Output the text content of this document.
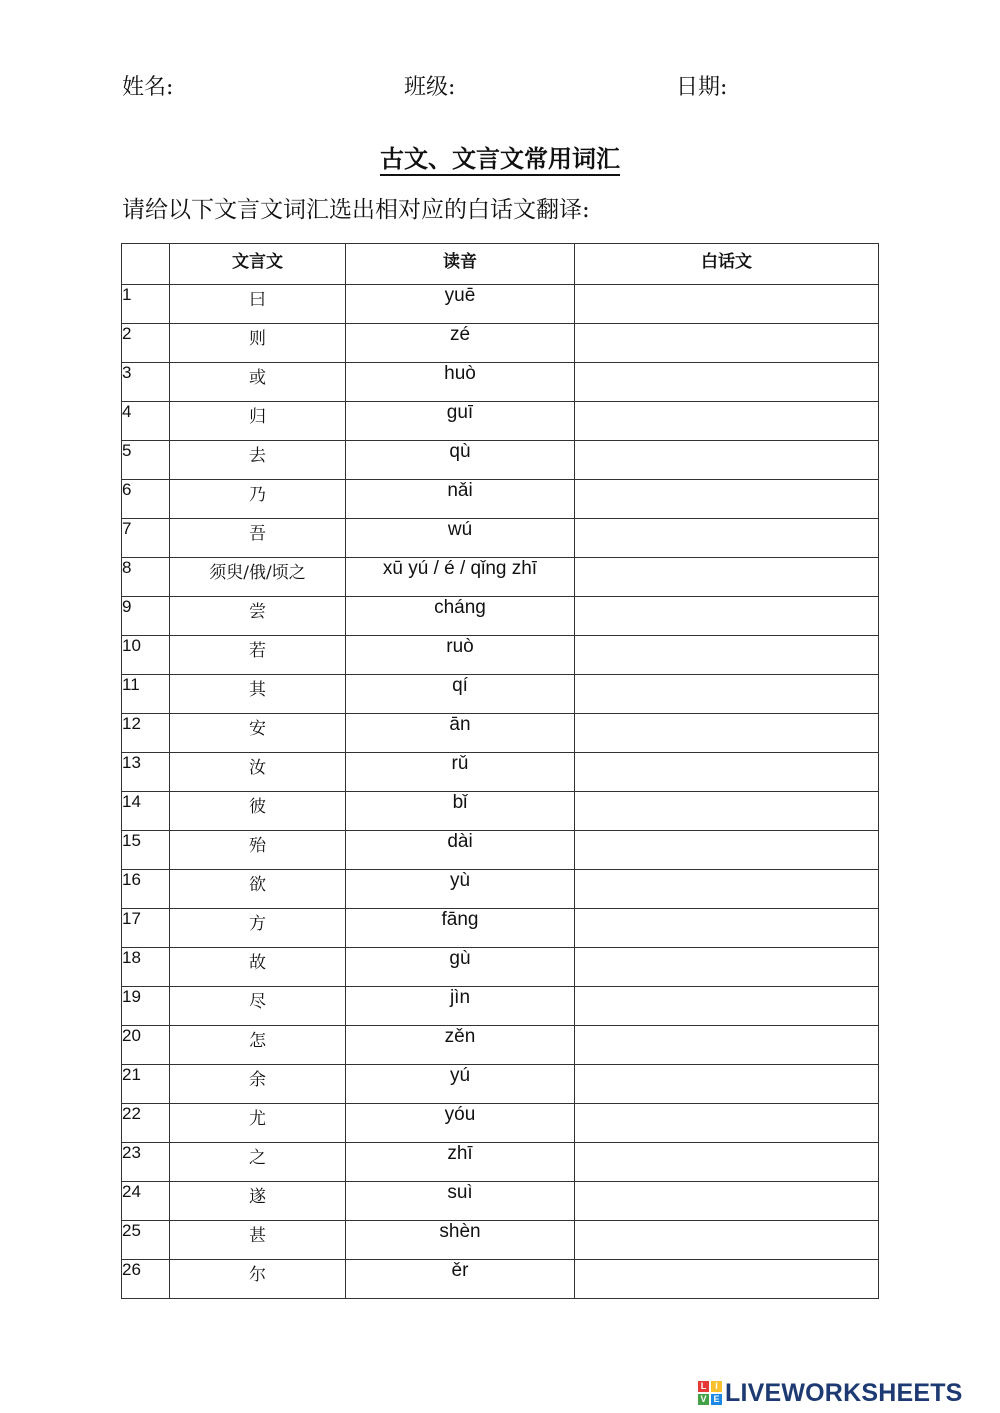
姓名:	班级:	日期:
古文、文言文常用词汇
请给以下文言文词汇选出相对应的白话文翻译:
	文言文	读音	白话文
1	曰	yuē	
2	则	zé	
3	或	huò	
4	归	guī	
5	去	qù	
6	乃	nǎi	
7	吾	wú	
8	须臾/俄/顷之	xū yú / é / qǐng zhī	
9	尝	cháng	
10	若	ruò	
11	其	qí	
12	安	ān	
13	汝	rǔ	
14	彼	bǐ	
15	殆	dài	
16	欲	yù	
17	方	fāng	
18	故	gù	
19	尽	jìn	
20	怎	zěn	
21	余	yú	
22	尤	yóu	
23	之	zhī	
24	遂	suì	
25	甚	shèn	
26	尔	ěr	
L I
V E LIVEWORKSHEETS
